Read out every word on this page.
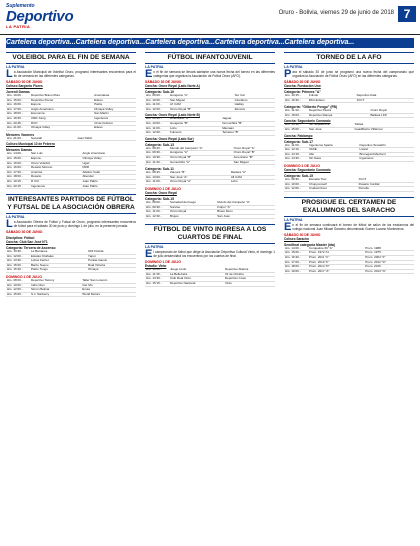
Suplemento
Deportivo
LA PATRIA
Oruro - Bolivia, viernes 29 de junio de 2018 7
Cartelera deportiva...Cartelera deportiva...Cartelera deportiva...Cartelera deportiva...Cartelera deportiva...
VOLEIBOL PARA EL FIN DE SEMANA
LA PATRIA

La Asociación Municipal de Voleibol Oruro, programó interesantes encuentros para el fin de semana en las diferentes categorías.

SÁBADO 30 DE JUNIO
Coliseo Sargento Flores
Juvenil Damas
Hrs. 10:00 -	Deportivo Bravo Moro	Amentanas
Hrs. 15:00 -	Deportivo Pocoó	Edeso
Hrs. 16:00 -	Espora	Patria
Hrs. 17:00 -	Anglo Americano	Olmaya Volley
Hrs. 18:00 -	Economía	San Martín
Hrs. 19:30 -	CRR Junig	Ingenieros
Hrs. 20:45 -	DVO	10 de Febrero
Hrs. 21:00 -	Olmaya Volley	Edeso
Menores Varones
Hrs. 21:00 -	Socarah	Juan Pablo
Coliseo Municipal 10 de Febrero
Menores Damas
Hrs. 14:00 -	San Luis	Anglo Americano
Hrs. 15:00 -	Espora	Olmaya Volley
Hrs. 16:00 -	Oruro Voleibol	Ugaz
Hrs. 16:00 -	Rosario Moreno	DRR
Hrs. 17:30 -	América	Atlético Volal
Hrs. 18:00 -	Rosario	Altendar
Hrs. 19:15 -	R.V.R.	Juan Pablo
Hrs. 20:15 -	Ingenieros	Juan Pablo
INTERESANTES PARTIDOS DE FÚTBOL Y FUTSAL DE LA ASOCIACIÓN OBRERA
LA PATRIA

La Asociación Obrera de Fútbol y Futsal de Oruro, programó interesantes encuentros de fútbol para el sábado 30 de junio y domingo 1 de julio, en la presente jornada.

SÁBADO 30 DE JUNIO
Disciplina: Fútbol
Cancha: Club San José N°1
Categoría: Tercera de Ascenso
Hrs. 10:30 -	La Barranca	ODI Florida
Hrs. 12:00 -	Estelas Otoñales	Yapuí
Hrs. 13:30 -	Lobos Ferriel	Puntas Gauno
Hrs. 15:00 -	Barrio Nuevo	Real Victoria
Hrs. 16:30 -	Patrio Tongo	Olmaya
DOMINGO 1 DE JULIO
Hrs. 08:00 -	Deportivo Tammy	Taller San Lorenzo
Hrs. 10:00 -	Indio Clan	Cal. Mo
Hrs. 12:00 -	Simón Bolivar	Emsa
Hrs. 15:00 -	S.J. Sanberry	World Motors
FÚTBOL INFANTOJUVENIL
LA PATRIA

En el fin de semana se llevará adelante una nueva fecha del torneo en las diferentes categorías que organiza la Asociación de Fútbol Oruro (AFO).

SÁBADO 30 DE JUNIO
Cancha: Oruro Royal (Lado Norte A)
Categoría: Sub-10
Hrs. 09:00 -	Hungaros "A"	Sur Car
Hrs. 10:00 -	San Miguel	Cinefamo
Hrs. 11:00 -	Al' CAM	Hadley
Hrs. 12:00 -	Oruro Royal "B"	Zamora
Cancha: Oruro Royal (Lado Norte B)
Hrs. 08:30 -	Americano "B"	Jaguar
Hrs. 10:00 -	Hungaros "B"	Gumuchiks "B"
Hrs. 11:00 -	Lobo	Mamaan
Hrs. 12:00 -	Fulmons	Terracos "B"
Cancha: Oruro Royal (Lado Sur)
Categoría: Sub-13
Hrs. 08:30 -	Mundo del Campeón "A"	Oruro Royal "A"
Hrs. 09:30 -	Hungaros "A"	Oruro Royal "B"
Hrs. 10:30 -	Oruro Royal "B"	Americano "B"
Hrs. 11:30 -	Gumuchiks "A"	San Miguel
Categoría: Sub-11
Hrs. 08:30 -	Zamora "B"	Madera "A"
Hrs. 10:00 -	San José "A"	All CAM
Hrs. 11:00 -	Oruro Royal "A"	Lobo
DOMINGO 1 DE JULIO
Cancha: Oruro Royal
Categoría: Sub-15
Hrs. 08:00 -	Sociedad de Fuego	Mundo del Campeón "A"
Hrs. 09:30 -	Sunrise	Fulpor "A"
Hrs. 11:00 -	Oruro Royal	Bravo Moro
Hrs. 12:30 -	Brujos	San José
FÚTBOL DE VINTO INGRESA A LOS CUARTOS DE FINAL
LA PATRIA

El campeonato de fútbol que dirige la Asociación Deportiva Cultural Vinto, el domingo 1 de julio desarrollará los encuentros por los cuartos de final.

DOMINGO 1 DE JULIO
Estadio: Vinto
Hrs. 10:00 -	Juego Lindo	Deportivo Alianza
Hrs. 11:45 -	La Bellezaira	31 de Octubre
Hrs. 13:30 -	Club Real Vinto	Deportivo Cosa
Hrs. 15:15 -	Deportivo Nacional	Vinto
TORNEO DE LA AFO
LA PATRIA

Para el sábado 30 de junio se programó una nueva fecha del campeonato que organiza la Asociación de Fútbol Oruro (AFO) en las diferentes categorías.

SÁBADO 30 DE JUNIO
Cancha: Fundación Uno
Categoría: Primera "A"
Hrs. 10:15 -	Fulmar	Deportivo Kala
Hrs. 16:30 -	EM Hudson	JCCT
Categoría: "Gilberto Pongo" (FB)
Hrs. 11:30 -	Deportivo Paoza	Oruro Royal
Hrs. 18:00 -	Deportivo Rampa	Ballesa LKP
Cancha: Segundario Comando
Hrs. 13:30 -	Sin Septiembre	Tobias
Hrs. 15:00 -	San José	Guadilberto Villarroel
Cancha: Fabiampo
Categoría: Sub-17
Hrs. 11:00 -	Ingenieros Sparta	Deportivo Tescalchi
Hrs. 12:10 -	VASE	Litoral
Hrs. 13:15 -	Alto	Bronegard Mezzent
Hrs. 14:30 -	Sin Nave	Ingenieros
DOMINGO 1 DE JULIO
Cancha: Segundario Comando
Categoría: Sub-15
Hrs. 08:30 -	Escuela Trac	JCCT
Hrs. 10:00 -	Chupyourself	Rosario Cordial
Hrs. 12:00 -	Ciudad Oruro	Perrelle
PROSIGUE EL CERTAMEN DE EXALUMNOS DEL SARACHO
LA PATRIA

En el fin de semana continuará el torneo de fútbol de salón de los exalumnos del colegio nacional Juan Misael Saracho denominado Gumer Lozano Montecinos.

SÁBADO 30 DE JUNIO
Coliseo Saracho
Semifinal categoría Master (ida)
Hrs. 14:00 -	Corquatine 60 "A"	Prom. 1988
Hrs. 15:00 -	Prom. 1972-74	Prom. 1975
Hrs. 16:30 -	Prom. 2011 "C"	Prom. 2004 "F"
Hrs. 17:00 -	Prom. 2010 "F"	Prom. 2012 "D"
Hrs. 18:00 -	Prom. 2014 "D"	Prom. 2016
Hrs. 19:00 -	Prom. 2017 "A"	Prom. 2013 "G"
